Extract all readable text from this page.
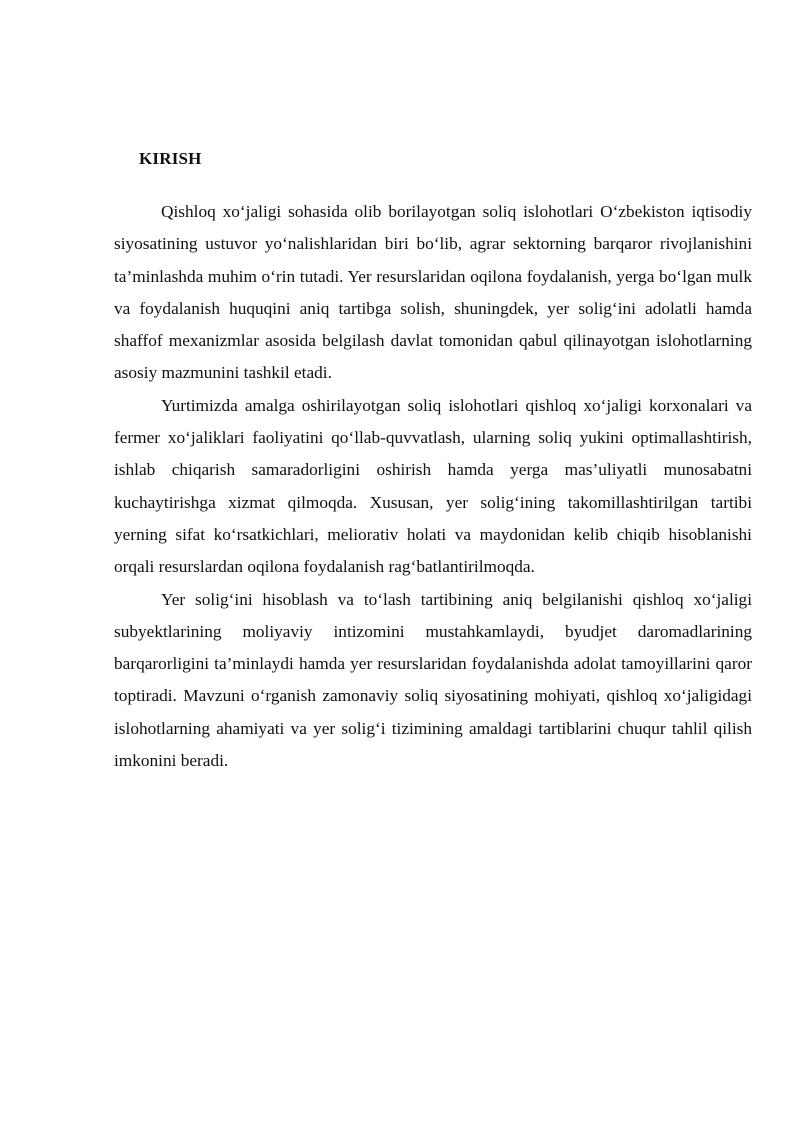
KIRISH

Qishloq xo‘jaligi sohasida olib borilayotgan soliq islohotlari O‘zbekiston iqtisodiy siyosatining ustuvor yo‘nalishlaridan biri bo‘lib, agrar sektorning barqaror rivojlanishini ta’minlashda muhim o‘rin tutadi. Yer resurslaridan oqilona foydalanish, yerga bo‘lgan mulk va foydalanish huquqini aniq tartibga solish, shuningdek, yer solig‘ini adolatli hamda shaffof mexanizmlar asosida belgilash davlat tomonidan qabul qilinayotgan islohotlarning asosiy mazmunini tashkil etadi.

Yurtimizda amalga oshirilayotgan soliq islohotlari qishloq xo‘jaligi korxonalari va fermer xo‘jaliklari faoliyatini qo‘llab-quvvatlash, ularning soliq yukini optimallashtirish, ishlab chiqarish samaradorligini oshirish hamda yerga mas’uliyatli munosabatni kuchaytirishga xizmat qilmoqda. Xususan, yer solig‘ining takomillashtirilgan tartibi yerning sifat ko‘rsatkichlari, meliorativ holati va maydonidan kelib chiqib hisoblanishi orqali resurslardan oqilona foydalanish rag‘batlantirilmoqda.

Yer solig‘ini hisoblash va to‘lash tartibining aniq belgilanishi qishloq xo‘jaligi subyektlarining moliyaviy intizomini mustahkamlaydi, byudjet daromadlarining barqarorligini ta’minlaydi hamda yer resurslaridan foydalanishda adolat tamoyillarini qaror toptiradi. Mavzuni o‘rganish zamonaviy soliq siyosatining mohiyati, qishloq xo‘jaligidagi islohotlarning ahamiyati va yer solig‘i tizimining amaldagi tartiblarini chuqur tahlil qilish imkonini beradi.
